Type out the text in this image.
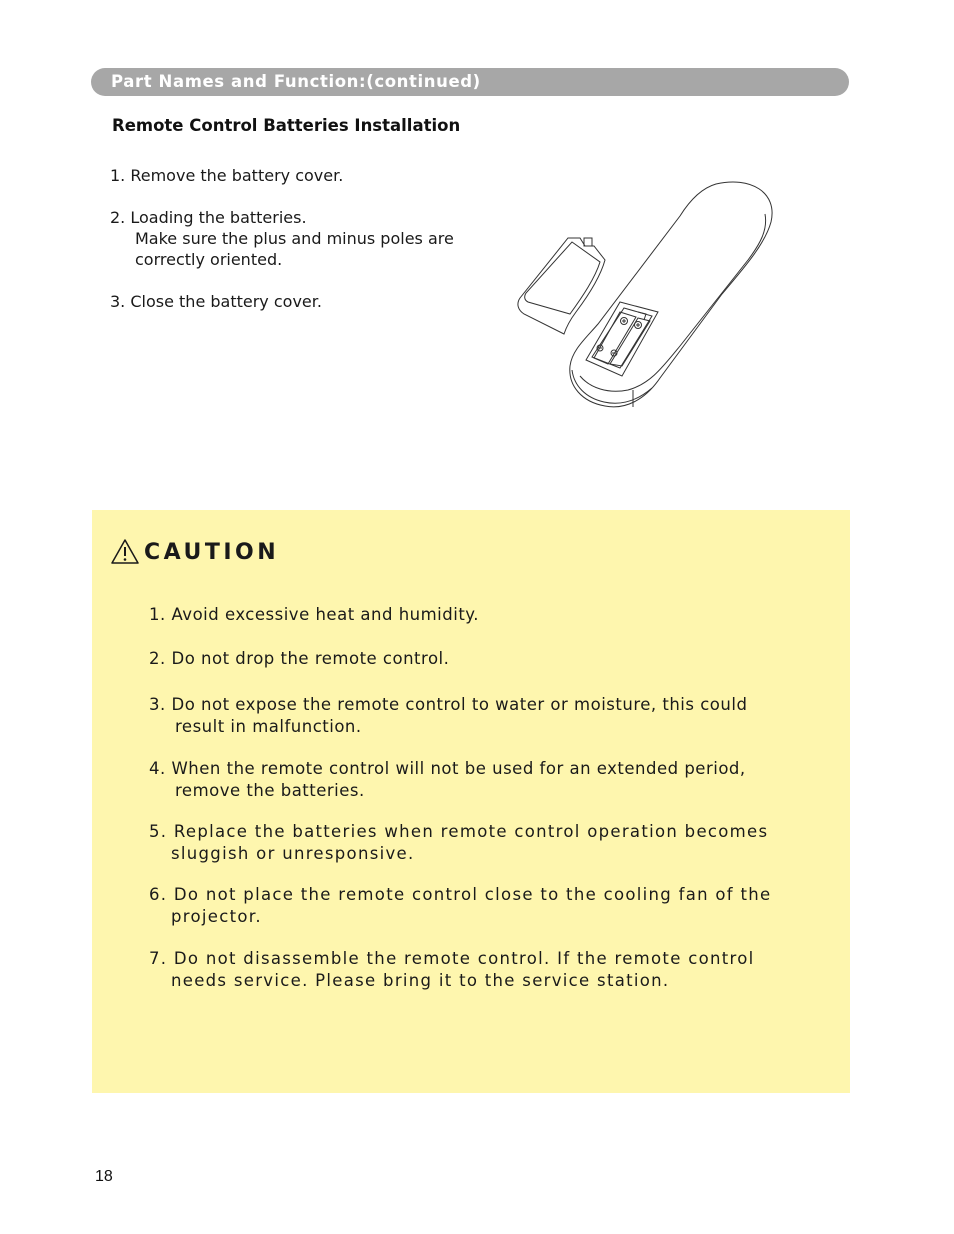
Part Names and Function:(continued)
Remote Control Batteries Installation
1. Remove the battery cover.
2. Loading the batteries.
Make sure the plus and minus poles are
correctly oriented.
3. Close the battery cover.
CAUTION
1. Avoid excessive heat and humidity.
2. Do not drop the remote control.
3. Do not expose the remote control to water or moisture, this could
result in malfunction.
4. When the remote control will not be used for an extended period,
remove the batteries.
5. Replace the batteries when remote control operation becomes
sluggish or unresponsive.
6. Do not place the remote control close to the cooling fan of the
projector.
7. Do not disassemble the remote control. If the remote control
needs service. Please bring it to the service station.
18
